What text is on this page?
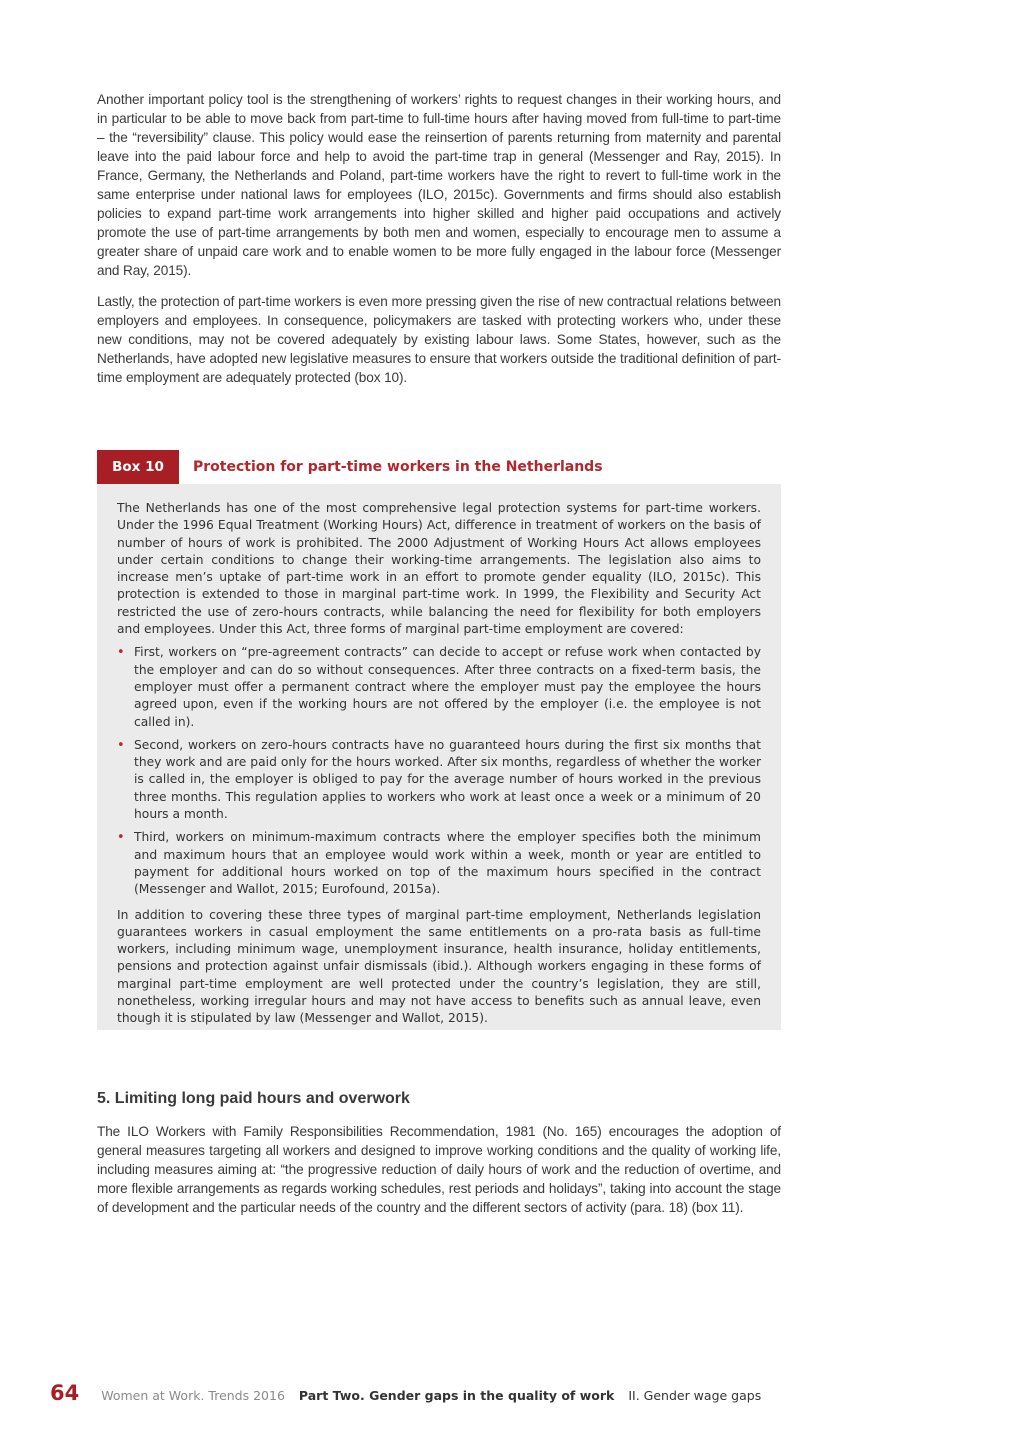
Another important policy tool is the strengthening of workers’ rights to request changes in their working hours, and in particular to be able to move back from part-time to full-time hours after having moved from full-time to part-time – the “reversibility” clause. This policy would ease the reinsertion of parents returning from maternity and parental leave into the paid labour force and help to avoid the part-time trap in general (Messenger and Ray, 2015). In France, Germany, the Netherlands and Poland, part-time workers have the right to revert to full-time work in the same enterprise under national laws for employees (ILO, 2015c). Governments and firms should also establish policies to expand part-time work arrangements into higher skilled and higher paid occupations and actively promote the use of part-time arrangements by both men and women, especially to encourage men to assume a greater share of unpaid care work and to enable women to be more fully engaged in the labour force (Messenger and Ray, 2015).

Lastly, the protection of part-time workers is even more pressing given the rise of new contractual relations between employers and employees. In consequence, policymakers are tasked with protecting workers who, under these new conditions, may not be covered adequately by existing labour laws. Some States, however, such as the Netherlands, have adopted new legislative measures to ensure that workers outside the traditional definition of part-time employment are adequately protected (box 10).

Box 10	Protection for part-time workers in the Netherlands

The Netherlands has one of the most comprehensive legal protection systems for part-time workers. Under the 1996 Equal Treatment (Working Hours) Act, difference in treatment of workers on the basis of number of hours of work is prohibited. The 2000 Adjustment of Working Hours Act allows employees under certain conditions to change their working-time arrangements. The legislation also aims to increase men’s uptake of part-time work in an effort to promote gender equality (ILO, 2015c). This protection is extended to those in marginal part-time work. In 1999, the Flexibility and Security Act restricted the use of zero-hours contracts, while balancing the need for flexibility for both employers and employees. Under this Act, three forms of marginal part-time employment are covered:

• First, workers on “pre-agreement contracts” can decide to accept or refuse work when contacted by the employer and can do so without consequences. After three contracts on a fixed-term basis, the employer must offer a permanent contract where the employer must pay the employee the hours agreed upon, even if the working hours are not offered by the employer (i.e. the employee is not called in).
• Second, workers on zero-hours contracts have no guaranteed hours during the first six months that they work and are paid only for the hours worked. After six months, regardless of whether the worker is called in, the employer is obliged to pay for the average number of hours worked in the previous three months. This regulation applies to workers who work at least once a week or a minimum of 20 hours a month.
• Third, workers on minimum-maximum contracts where the employer specifies both the minimum and maximum hours that an employee would work within a week, month or year are entitled to payment for additional hours worked on top of the maximum hours specified in the contract (Messenger and Wallot, 2015; Eurofound, 2015a).

In addition to covering these three types of marginal part-time employment, Netherlands legislation guarantees workers in casual employment the same entitlements on a pro-rata basis as full-time workers, including minimum wage, unemployment insurance, health insurance, holiday entitlements, pensions and protection against unfair dismissals (ibid.). Although workers engaging in these forms of marginal part-time employment are well protected under the country’s legislation, they are still, nonetheless, working irregular hours and may not have access to benefits such as annual leave, even though it is stipulated by law (Messenger and Wallot, 2015).

5. Limiting long paid hours and overwork

The ILO Workers with Family Responsibilities Recommendation, 1981 (No. 165) encourages the adoption of general measures targeting all workers and designed to improve working conditions and the quality of working life, including measures aiming at: “the progressive reduction of daily hours of work and the reduction of overtime, and more flexible arrangements as regards working schedules, rest periods and holidays”, taking into account the stage of development and the particular needs of the country and the different sectors of activity (para. 18) (box 11).

64 Women at Work. Trends 2016 Part Two. Gender gaps in the quality of work II. Gender wage gaps
